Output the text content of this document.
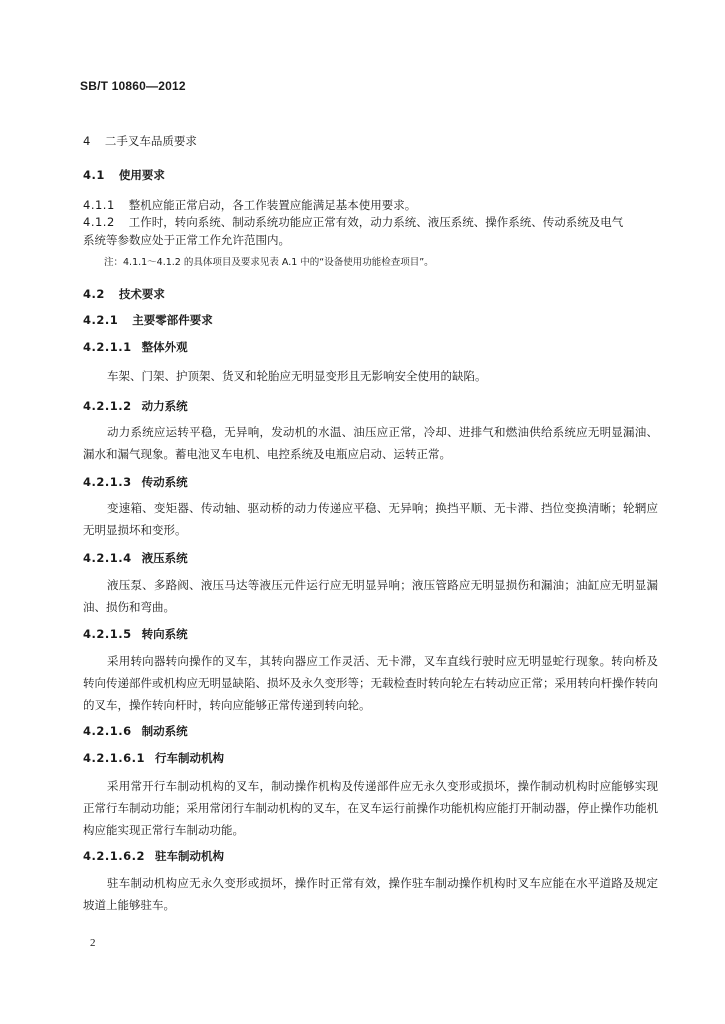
SB/T 10860—2012
4 二手叉车品质要求
4.1 使用要求
4.1.1 整机应能正常启动，各工作装置应能满足基本使用要求。
4.1.2 工作时，转向系统、制动系统功能应正常有效，动力系统、液压系统、操作系统、传动系统及电气
系统等参数应处于正常工作允许范围内。
注：4.1.1～4.1.2 的具体项目及要求见表 A.1 中的“设备使用功能检查项目”。
4.2 技术要求
4.2.1 主要零部件要求
4.2.1.1 整体外观
车架、门架、护顶架、货叉和轮胎应无明显变形且无影响安全使用的缺陷。
4.2.1.2 动力系统
动力系统应运转平稳，无异响，发动机的水温、油压应正常，冷却、进排气和燃油供给系统应无明显漏油、漏水和漏气现象。蓄电池叉车电机、电控系统及电瓶应启动、运转正常。
4.2.1.3 传动系统
变速箱、变矩器、传动轴、驱动桥的动力传递应平稳、无异响；换挡平顺、无卡滞、挡位变换清晰；轮辋应无明显损坏和变形。
4.2.1.4 液压系统
液压泵、多路阀、液压马达等液压元件运行应无明显异响；液压管路应无明显损伤和漏油；油缸应无明显漏油、损伤和弯曲。
4.2.1.5 转向系统
采用转向器转向操作的叉车，其转向器应工作灵活、无卡滞，叉车直线行驶时应无明显蛇行现象。转向桥及转向传递部件或机构应无明显缺陷、损坏及永久变形等；无载检查时转向轮左右转动应正常；采用转向杆操作转向的叉车，操作转向杆时，转向应能够正常传递到转向轮。
4.2.1.6 制动系统
4.2.1.6.1 行车制动机构
采用常开行车制动机构的叉车，制动操作机构及传递部件应无永久变形或损坏，操作制动机构时应能够实现正常行车制动功能；采用常闭行车制动机构的叉车，在叉车运行前操作功能机构应能打开制动器，停止操作功能机构应能实现正常行车制动功能。
4.2.1.6.2 驻车制动机构
驻车制动机构应无永久变形或损坏，操作时正常有效，操作驻车制动操作机构时叉车应能在水平道路及规定坡道上能够驻车。
2
